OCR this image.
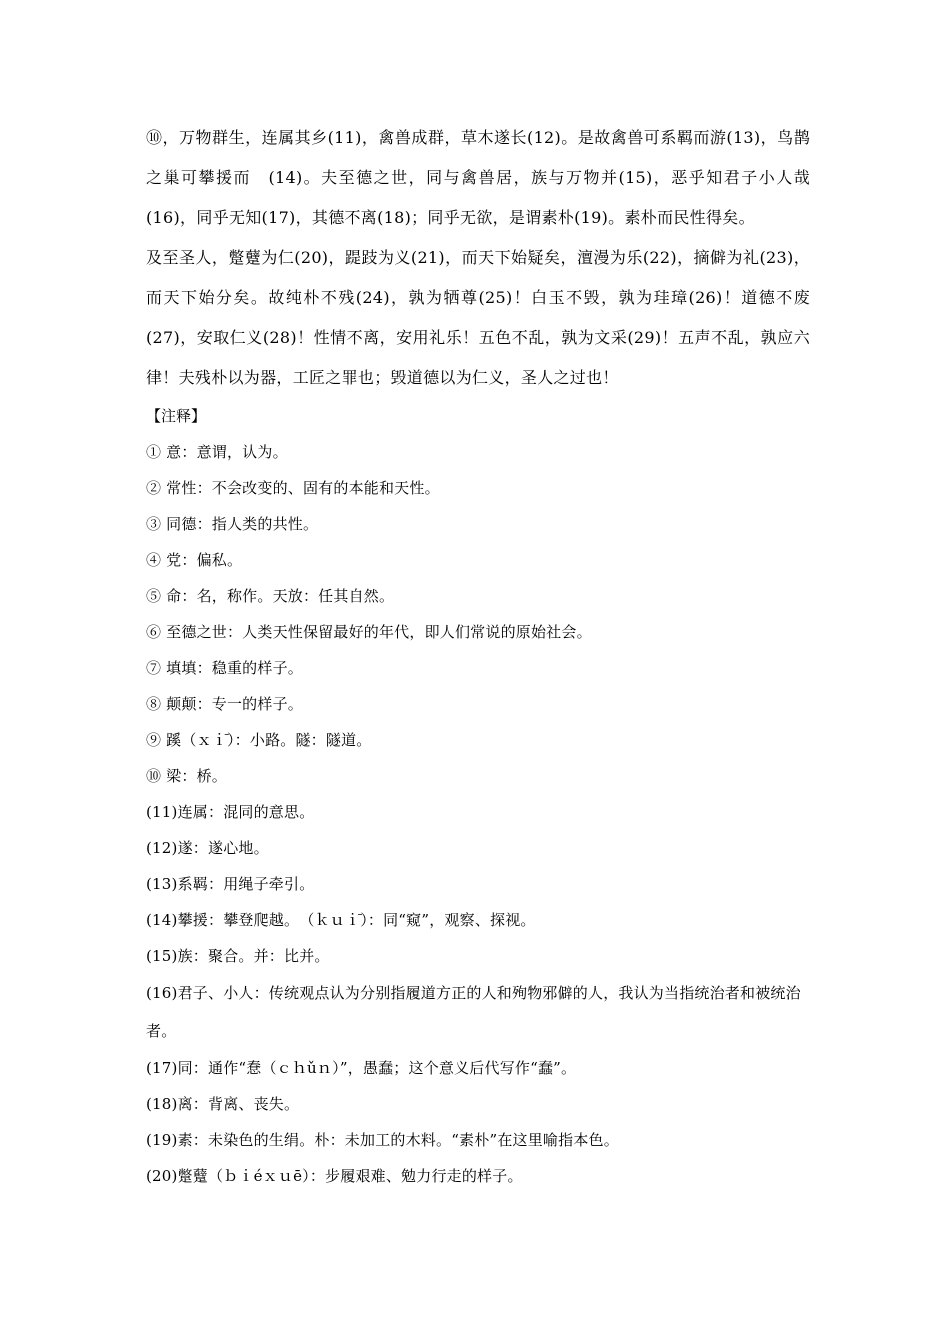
⑩，万物群生，连属其乡(11)，禽兽成群，草木遂长(12)。是故禽兽可系羁而游(13)，鸟鹊之巢可攀援而　(14)。夫至德之世，同与禽兽居，族与万物并(15)，恶乎知君子小人哉(16)，同乎无知(17)，其德不离(18)；同乎无欲，是谓素朴(19)。素朴而民性得矣。

及至圣人，蹩躠为仁(20)，踶跂为义(21)，而天下始疑矣，澶漫为乐(22)，摘僻为礼(23)，而天下始分矣。故纯朴不残(24)，孰为牺尊(25)！白玉不毁，孰为珪璋(26)！道德不废(27)，安取仁义(28)！性情不离，安用礼乐！五色不乱，孰为文采(29)！五声不乱，孰应六律！夫残朴以为器，工匠之罪也；毁道德以为仁义，圣人之过也！

【注释】

① 意：意谓，认为。

② 常性：不会改变的、固有的本能和天性。

③ 同德：指人类的共性。

④ 党：偏私。

⑤ 命：名，称作。天放：任其自然。

⑥ 至德之世：人类天性保留最好的年代，即人们常说的原始社会。

⑦ 填填：稳重的样子。

⑧ 颠颠：专一的样子。

⑨ 蹊（ｘｉ̄）：小路。隧：隧道。

⑩ 梁：桥。

(11)连属：混同的意思。

(12)遂：遂心地。

(13)系羁：用绳子牵引。

(14)攀援：攀登爬越。　（ｋｕｉ̄）：同“窥”，观察、探视。

(15)族：聚合。并：比并。

(16)君子、小人：传统观点认为分别指履道方正的人和殉物邪僻的人，我认为当指统治者和被统治者。

(17)同：通作“惷（ｃｈǔｎ）”，愚蠢；这个意义后代写作“蠢”。

(18)离：背离、丧失。

(19)素：未染色的生绢。朴：未加工的木料。“素朴”在这里喻指本色。

(20)蹩躠（ｂｉéｘｕē）：步履艰难、勉力行走的样子。
